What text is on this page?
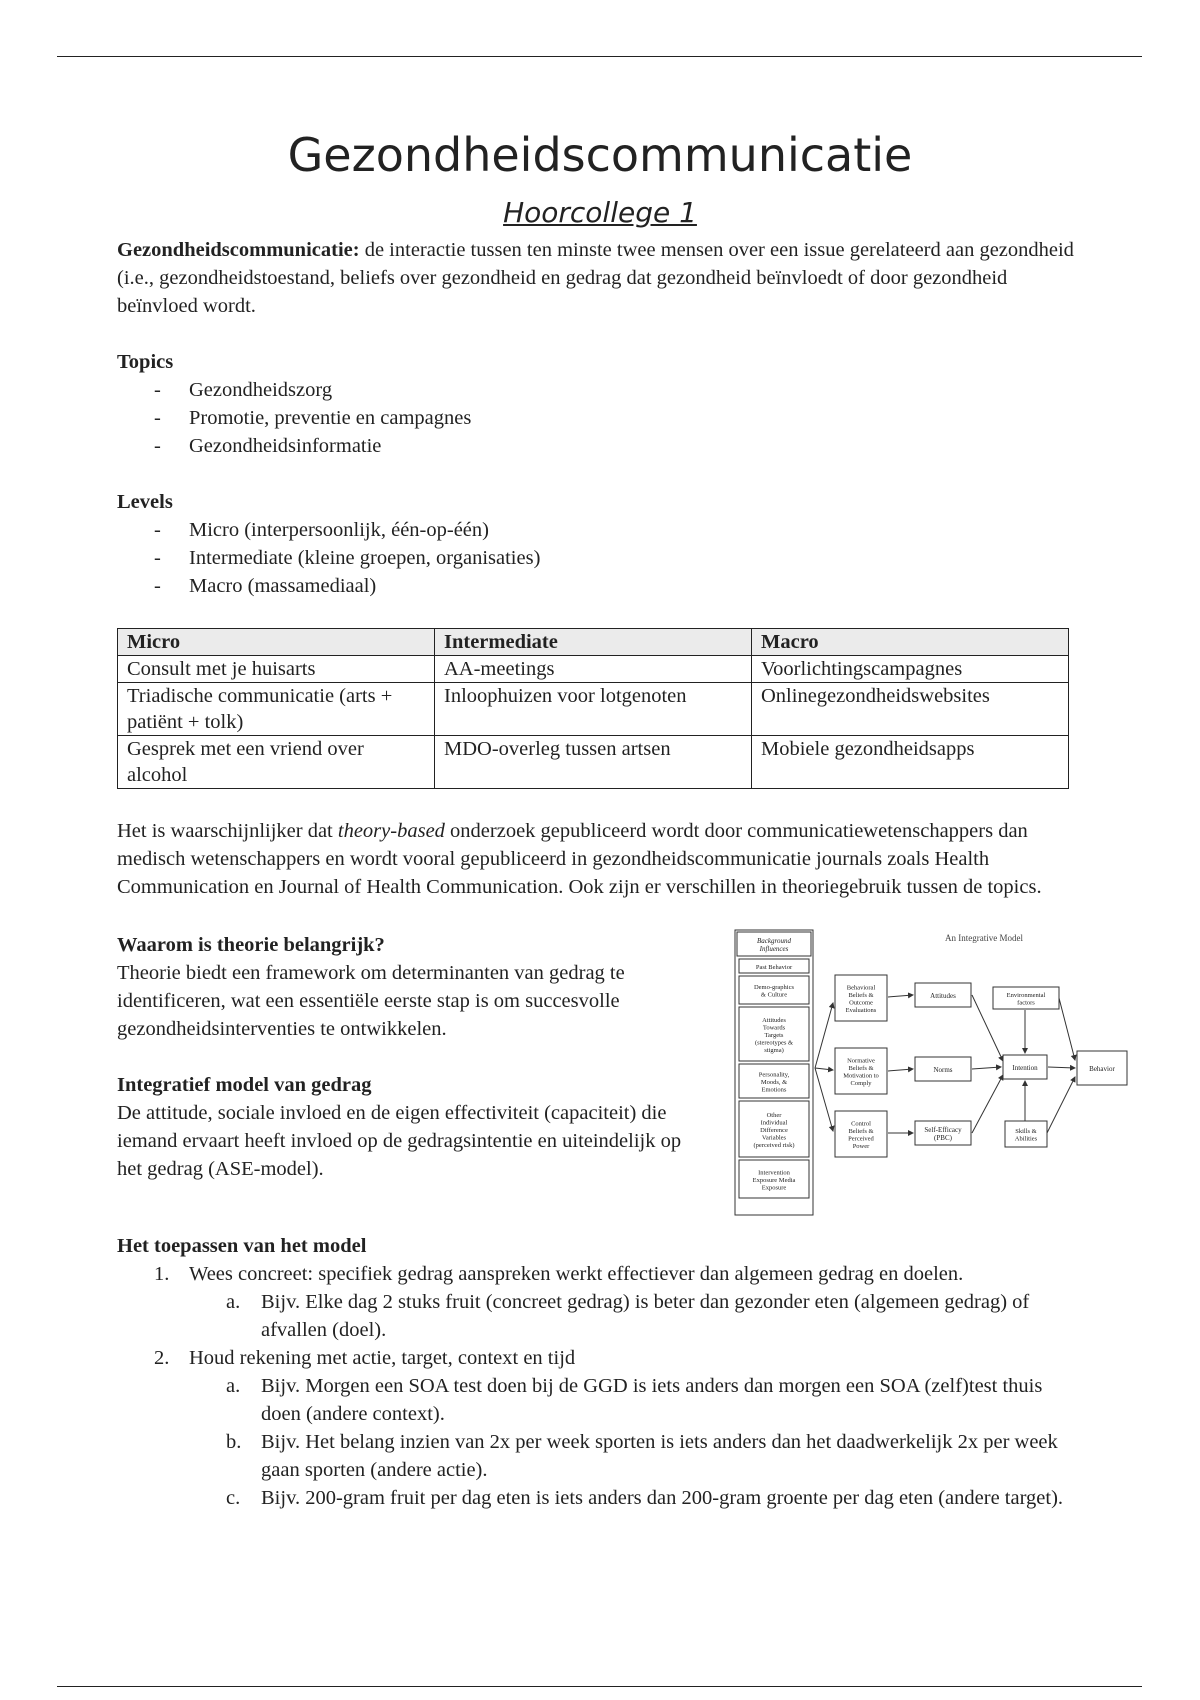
Gezondheidscommunicatie
Hoorcollege 1

Gezondheidscommunicatie: de interactie tussen ten minste twee mensen over een issue gerelateerd aan gezondheid (i.e., gezondheidstoestand, beliefs over gezondheid en gedrag dat gezondheid beïnvloedt of door gezondheid beïnvloed wordt.

Topics

- Gezondheidszorg
- Promotie, preventie en campagnes
- Gezondheidsinformatie

Levels

- Micro (interpersoonlijk, één-op-één)
- Intermediate (kleine groepen, organisaties)
- Macro (massamediaal)
Micro	Intermediate	Macro
Consult met je huisarts	AA-meetings	Voorlichtingscampagnes
Triadische communicatie (arts + patiënt + tolk)	Inloophuizen voor lotgenoten	Onlinegezondheidswebsites
Gesprek met een vriend over alcohol	MDO-overleg tussen artsen	Mobiele gezondheidsapps

Het is waarschijnlijker dat theory-based onderzoek gepubliceerd wordt door communicatiewetenschappers dan medisch wetenschappers en wordt vooral gepubliceerd in gezondheidscommunicatie journals zoals Health Communication en Journal of Health Communication. Ook zijn er verschillen in theoriegebruik tussen de topics.

Waarom is theorie belangrijk?

Theorie biedt een framework om determinanten van gedrag te identificeren, wat een essentiële eerste stap is om succesvolle gezondheidsinterventies te ontwikkelen.

Integratief model van gedrag

De attitude, sociale invloed en de eigen effectiviteit (capaciteit) die iemand ervaart heeft invloed op de gedragsintentie en uiteindelijk op het gedrag (ASE-model).

An Integrative Model
Background
Influences
Past Behavior
Demo-graphics
& Culture
Attitudes
Towards
Targets
(stereotypes &
stigma)
Personality,
Moods, &
Emotions
Other
Individual
Difference
Variables
(perceived risk)
Intervention
Exposure Media
Exposure
Behavioral
Beliefs &
Outcome
Evaluations
Normative
Beliefs &
Motivation to
Comply
Control
Beliefs &
Perceived
Power
Attitudes
Norms
Self-Efficacy
(PBC)
Environmental
factors
Intention
Skills &
Abilities
Behavior

Het toepassen van het model

1. Wees concreet: specifiek gedrag aanspreken werkt effectiever dan algemeen gedrag en doelen.
a. Bijv. Elke dag 2 stuks fruit (concreet gedrag) is beter dan gezonder eten (algemeen gedrag) of afvallen (doel).
2. Houd rekening met actie, target, context en tijd
a. Bijv. Morgen een SOA test doen bij de GGD is iets anders dan morgen een SOA (zelf)test thuis doen (andere context).
b. Bijv. Het belang inzien van 2x per week sporten is iets anders dan het daadwerkelijk 2x per week gaan sporten (andere actie).
c. Bijv. 200-gram fruit per dag eten is iets anders dan 200-gram groente per dag eten (andere target).
